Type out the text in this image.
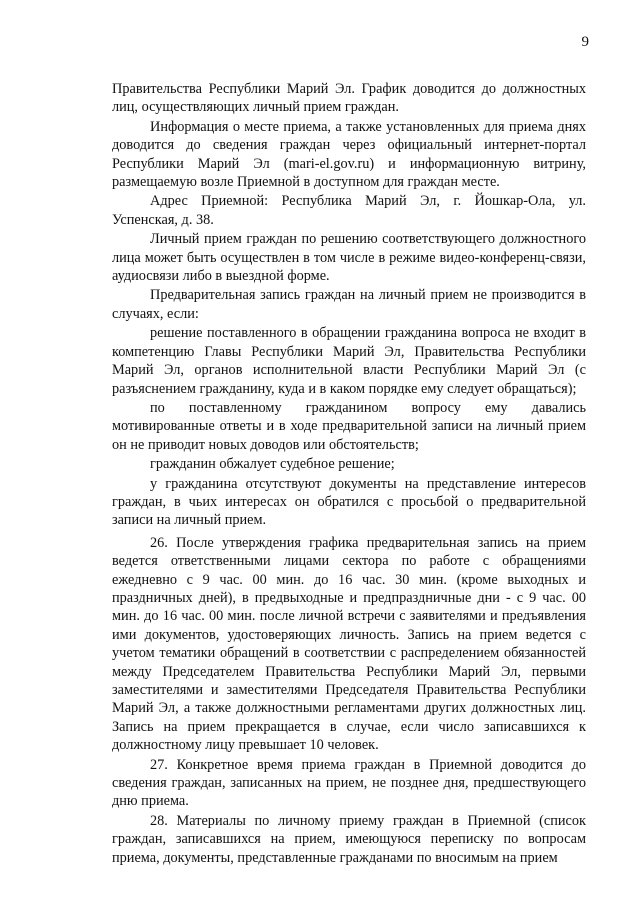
9

Правительства Республики Марий Эл. График доводится до должностных лиц, осуществляющих личный прием граждан.

Информация о месте приема, а также установленных для приема днях доводится до сведения граждан через официальный интернет-портал Республики Марий Эл (mari-el.gov.ru) и информационную витрину, размещаемую возле Приемной в доступном для граждан месте.

Адрес Приемной: Республика Марий Эл, г. Йошкар-Ола, ул. Успенская, д. 38.

Личный прием граждан по решению соответствующего должностного лица может быть осуществлен в том числе в режиме видео-конференц-связи, аудиосвязи либо в выездной форме.

Предварительная запись граждан на личный прием не производится в случаях, если:

решение поставленного в обращении гражданина вопроса не входит в компетенцию Главы Республики Марий Эл, Правительства Республики Марий Эл, органов исполнительной власти Республики Марий Эл (с разъяснением гражданину, куда и в каком порядке ему следует обращаться);

по поставленному гражданином вопросу ему давались мотивированные ответы и в ходе предварительной записи на личный прием он не приводит новых доводов или обстоятельств;

гражданин обжалует судебное решение;

у гражданина отсутствуют документы на представление интересов граждан, в чьих интересах он обратился с просьбой о предварительной записи на личный прием.

26. После утверждения графика предварительная запись на прием ведется ответственными лицами сектора по работе с обращениями ежедневно с 9 час. 00 мин. до 16 час. 30 мин. (кроме выходных и праздничных дней), в предвыходные и предпраздничные дни - с 9 час. 00 мин. до 16 час. 00 мин. после личной встречи с заявителями и предъявления ими документов, удостоверяющих личность. Запись на прием ведется с учетом тематики обращений в соответствии с распределением обязанностей между Председателем Правительства Республики Марий Эл, первыми заместителями и заместителями Председателя Правительства Республики Марий Эл, а также должностными регламентами других должностных лиц. Запись на прием прекращается в случае, если число записавшихся к должностному лицу превышает 10 человек.

27. Конкретное время приема граждан в Приемной доводится до сведения граждан, записанных на прием, не позднее дня, предшествующего дню приема.

28. Материалы по личному приему граждан в Приемной (список граждан, записавшихся на прием, имеющуюся переписку по вопросам приема, документы, представленные гражданами по вносимым на прием
